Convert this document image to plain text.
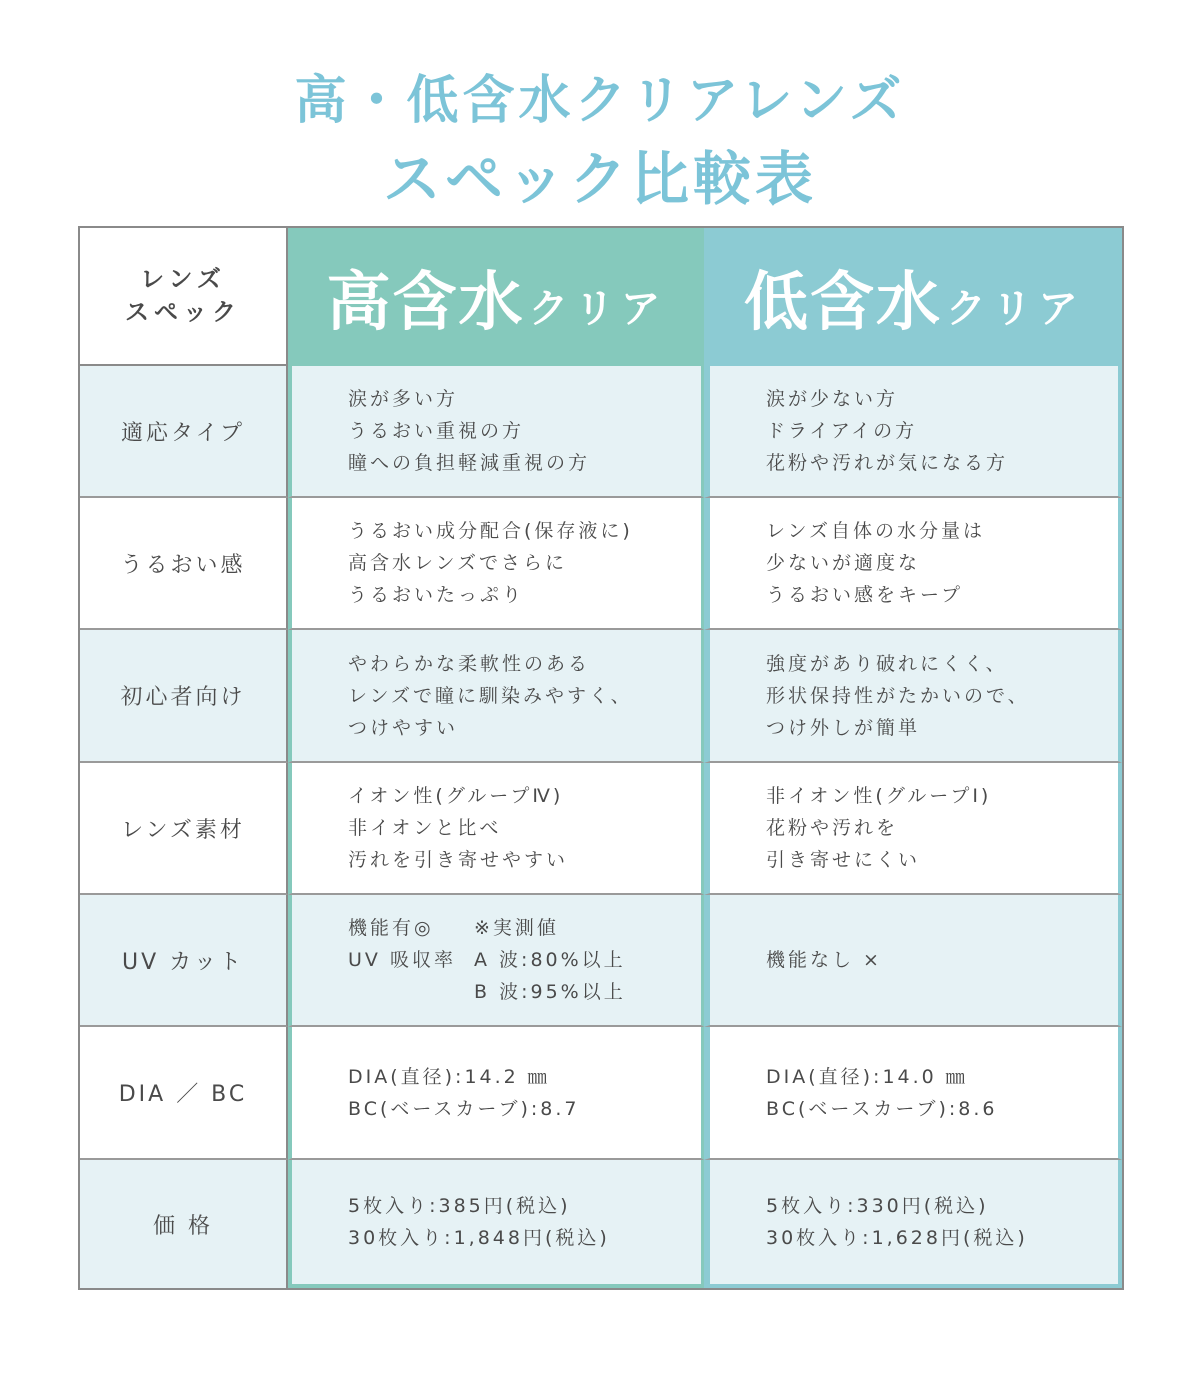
高・低含水クリアレンズ
スペック比較表
レンズ
スペック	高含水 クリア 低含水 クリア
適応タイプ
涙が多い方
うるおい重視の方
瞳への負担軽減重視の方
涙が少ない方
ドライアイの方
花粉や汚れが気になる方
うるおい感
うるおい成分配合(保存液に)
高含水レンズでさらに
うるおいたっぷり
レンズ自体の水分量は
少ないが適度な
うるおい感をキープ
初心者向け
やわらかな柔軟性のある
レンズで瞳に馴染みやすく、
つけやすい
強度があり破れにくく、
形状保持性がたかいので、
つけ外しが簡単
レンズ素材
イオン性(グループⅣ)
非イオンと比べ
汚れを引き寄せやすい
非イオン性(グループⅠ)
花粉や汚れを
引き寄せにくい
UV カット
機能有◎	※実測値
UV 吸収率 A 波:80%以上
B 波:95%以上
機能なし ×
DIA ／ BC
DIA(直径):14.2 ㎜
BC(ベースカーブ):8.7
DIA(直径):14.0 ㎜
BC(ベースカーブ):8.6
価 格
5枚入り:385円(税込)
30枚入り:1,848円(税込)
5枚入り:330円(税込)
30枚入り:1,628円(税込)
